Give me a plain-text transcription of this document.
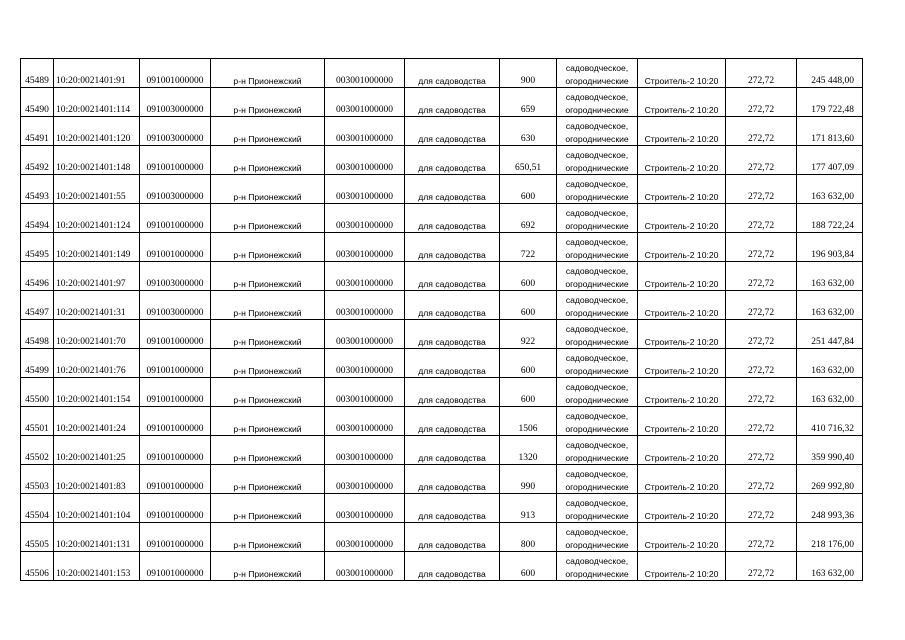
45489	10:20:0021401:91	091001000000	р-н Прионежский	003001000000	для садоводства	900	садоводческое,
огороднические	Строитель-2 10:20	272,72	245 448,00
45490	10:20:0021401:114	091003000000	р-н Прионежский	003001000000	для садоводства	659	садоводческое,
огороднические	Строитель-2 10:20	272,72	179 722,48
45491	10:20:0021401:120	091003000000	р-н Прионежский	003001000000	для садоводства	630	садоводческое,
огороднические	Строитель-2 10:20	272,72	171 813,60
45492	10:20:0021401:148	091001000000	р-н Прионежский	003001000000	для садоводства	650,51	садоводческое,
огороднические	Строитель-2 10:20	272,72	177 407,09
45493	10:20:0021401:55	091003000000	р-н Прионежский	003001000000	для садоводства	600	садоводческое,
огороднические	Строитель-2 10:20	272,72	163 632,00
45494	10:20:0021401:124	091001000000	р-н Прионежский	003001000000	для садоводства	692	садоводческое,
огороднические	Строитель-2 10:20	272,72	188 722,24
45495	10:20:0021401:149	091001000000	р-н Прионежский	003001000000	для садоводства	722	садоводческое,
огороднические	Строитель-2 10:20	272,72	196 903,84
45496	10:20:0021401:97	091003000000	р-н Прионежский	003001000000	для садоводства	600	садоводческое,
огороднические	Строитель-2 10:20	272,72	163 632,00
45497	10:20:0021401:31	091003000000	р-н Прионежский	003001000000	для садоводства	600	садоводческое,
огороднические	Строитель-2 10:20	272,72	163 632,00
45498	10:20:0021401:70	091001000000	р-н Прионежский	003001000000	для садоводства	922	садоводческое,
огороднические	Строитель-2 10:20	272,72	251 447,84
45499	10:20:0021401:76	091001000000	р-н Прионежский	003001000000	для садоводства	600	садоводческое,
огороднические	Строитель-2 10:20	272,72	163 632,00
45500	10:20:0021401:154	091001000000	р-н Прионежский	003001000000	для садоводства	600	садоводческое,
огороднические	Строитель-2 10:20	272,72	163 632,00
45501	10:20:0021401:24	091001000000	р-н Прионежский	003001000000	для садоводства	1506	садоводческое,
огороднические	Строитель-2 10:20	272,72	410 716,32
45502	10:20:0021401:25	091001000000	р-н Прионежский	003001000000	для садоводства	1320	садоводческое,
огороднические	Строитель-2 10:20	272,72	359 990,40
45503	10:20:0021401:83	091001000000	р-н Прионежский	003001000000	для садоводства	990	садоводческое,
огороднические	Строитель-2 10:20	272,72	269 992,80
45504	10:20:0021401:104	091001000000	р-н Прионежский	003001000000	для садоводства	913	садоводческое,
огороднические	Строитель-2 10:20	272,72	248 993,36
45505	10:20:0021401:131	091001000000	р-н Прионежский	003001000000	для садоводства	800	садоводческое,
огороднические	Строитель-2 10:20	272,72	218 176,00
45506	10:20:0021401:153	091001000000	р-н Прионежский	003001000000	для садоводства	600	садоводческое,
огороднические	Строитель-2 10:20	272,72	163 632,00
